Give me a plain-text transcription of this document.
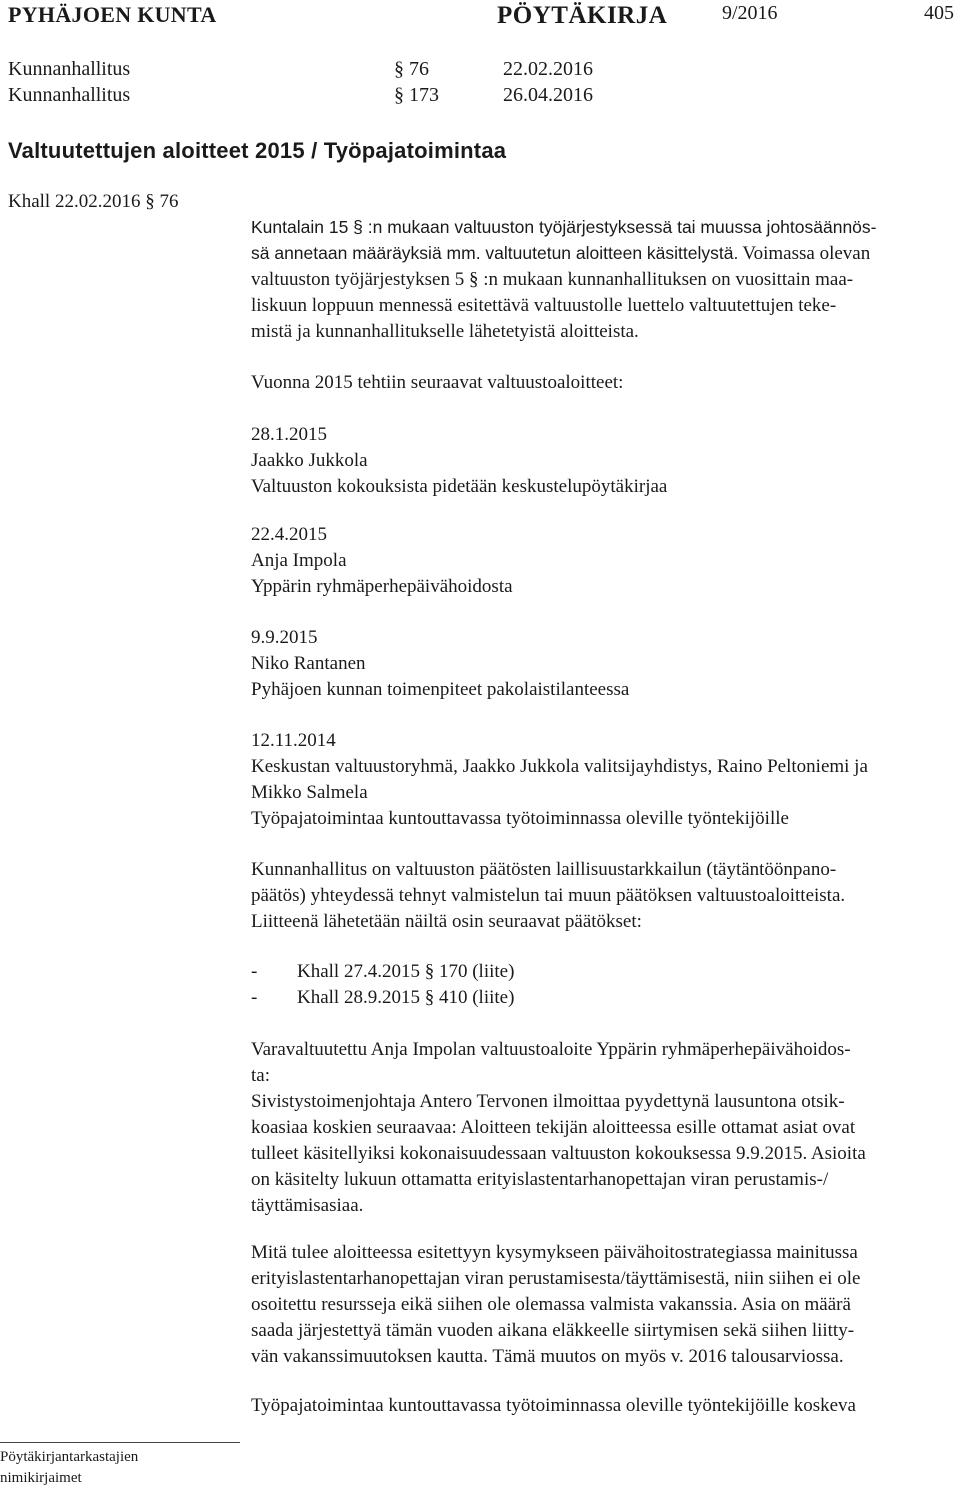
PYHÄJOEN KUNTA	PÖYTÄKIRJA	9/2016	405
Kunnanhallitus	§ 76	22.02.2016
Kunnanhallitus	§ 173	26.04.2016
Valtuutettujen aloitteet 2015 / Työpajatoimintaa
Khall 22.02.2016 § 76
Kuntalain 15 § :n mukaan valtuuston työjärjestyksessä tai muussa johtosäännös-
sä annetaan määräyksiä mm. valtuutetun aloitteen käsittelystä. Voimassa olevan
valtuuston työjärjestyksen 5 § :n mukaan kunnanhallituksen on vuosittain maa-
liskuun loppuun mennessä esitettävä valtuustolle luettelo valtuutettujen teke-
mistä ja kunnanhallitukselle lähetetyistä aloitteista.
Vuonna 2015 tehtiin seuraavat valtuustoaloitteet:
28.1.2015
Jaakko Jukkola
Valtuuston kokouksista pidetään keskustelupöytäkirjaa
22.4.2015
Anja Impola
Yppärin ryhmäperhepäivähoidosta
9.9.2015
Niko Rantanen
Pyhäjoen kunnan toimenpiteet pakolaistilanteessa
12.11.2014
Keskustan valtuustoryhmä, Jaakko Jukkola valitsijayhdistys, Raino Peltoniemi ja
Mikko Salmela
Työpajatoimintaa kuntouttavassa työtoiminnassa oleville työntekijöille
Kunnanhallitus on valtuuston päätösten laillisuustarkkailun (täytäntöönpano-
päätös) yhteydessä tehnyt valmistelun tai muun päätöksen valtuustoaloitteista.
Liitteenä lähetetään näiltä osin seuraavat päätökset:
- Khall 27.4.2015 § 170 (liite)
- Khall 28.9.2015 § 410 (liite)
Varavaltuutettu Anja Impolan valtuustoaloite Yppärin ryhmäperhepäivähoidos-
ta:
Sivistystoimenjohtaja Antero Tervonen ilmoittaa pyydettynä lausuntona otsik-
koasiaa koskien seuraavaa: Aloitteen tekijän aloitteessa esille ottamat asiat ovat
tulleet käsitellyiksi kokonaisuudessaan valtuuston kokouksessa 9.9.2015. Asioita
on käsitelty lukuun ottamatta erityislastentarhanopettajan viran perustamis-/
täyttämisasiaa.
Mitä tulee aloitteessa esitettyyn kysymykseen päivähoitostrategiassa mainitussa
erityislastentarhanopettajan viran perustamisesta/täyttämisestä, niin siihen ei ole
osoitettu resursseja eikä siihen ole olemassa valmista vakanssia. Asia on määrä
saada järjestettyä tämän vuoden aikana eläkkeelle siirtymisen sekä siihen liitty-
vän vakanssimuutoksen kautta. Tämä muutos on myös v. 2016 talousarviossa.
Työpajatoimintaa kuntouttavassa työtoiminnassa oleville työntekijöille koskeva
Pöytäkirjantarkastajien
nimikirjaimet
